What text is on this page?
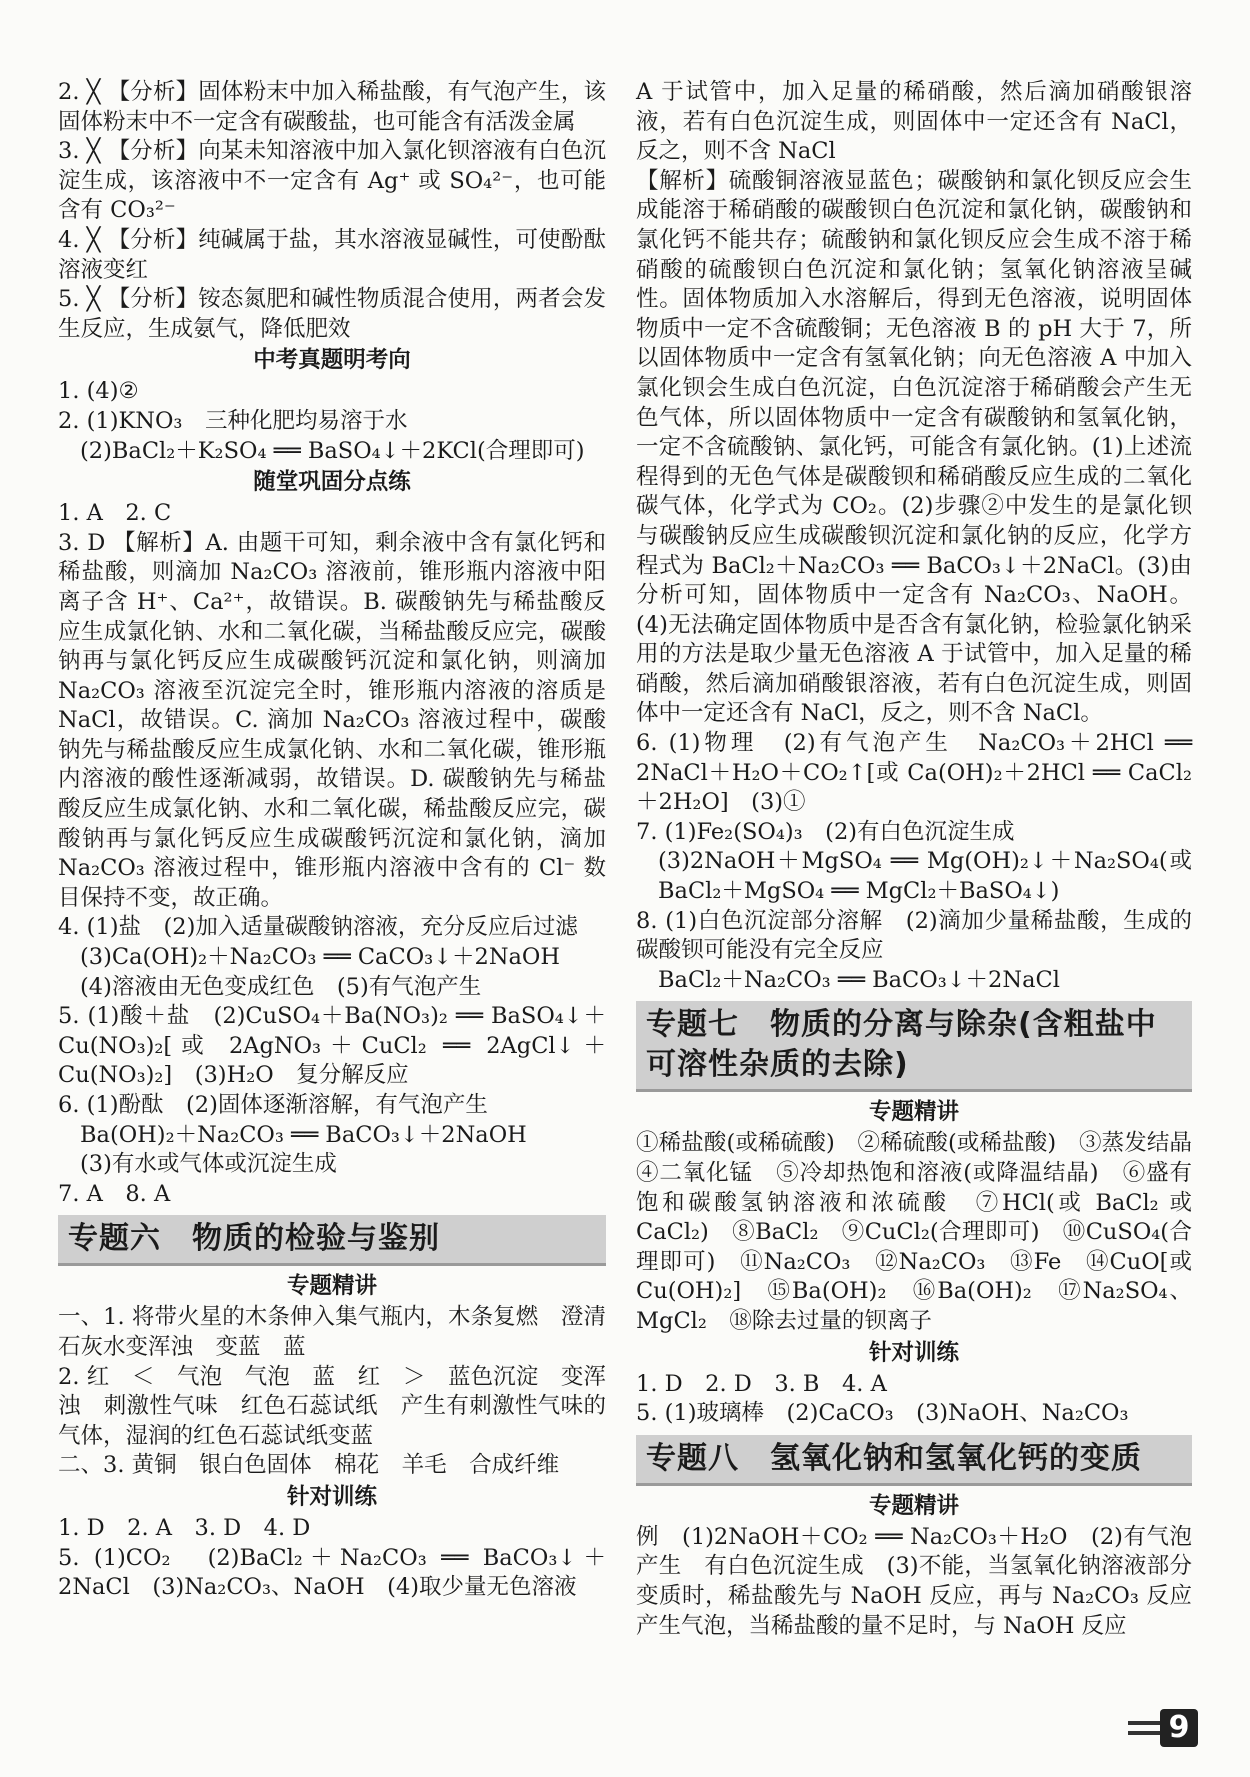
2. ╳ 【分析】固体粉末中加入稀盐酸，有气泡产生，该固体粉末中不一定含有碳酸盐，也可能含有活泼金属

3. ╳ 【分析】向某未知溶液中加入氯化钡溶液有白色沉淀生成，该溶液中不一定含有 Ag⁺ 或 SO₄²⁻，也可能含有 CO₃²⁻

4. ╳ 【分析】纯碱属于盐，其水溶液显碱性，可使酚酞溶液变红

5. ╳ 【分析】铵态氮肥和碱性物质混合使用，两者会发生反应，生成氨气，降低肥效

中考真题明考向

1. (4)②

2. (1)KNO₃　三种化肥均易溶于水

(2)BaCl₂＋K₂SO₄ ══ BaSO₄↓＋2KCl(合理即可)

随堂巩固分点练

1. A　2. C

3. D 【解析】A. 由题干可知，剩余液中含有氯化钙和稀盐酸，则滴加 Na₂CO₃ 溶液前，锥形瓶内溶液中阳离子含 H⁺、Ca²⁺，故错误。B. 碳酸钠先与稀盐酸反应生成氯化钠、水和二氧化碳，当稀盐酸反应完，碳酸钠再与氯化钙反应生成碳酸钙沉淀和氯化钠，则滴加 Na₂CO₃ 溶液至沉淀完全时，锥形瓶内溶液的溶质是 NaCl，故错误。C. 滴加 Na₂CO₃ 溶液过程中，碳酸钠先与稀盐酸反应生成氯化钠、水和二氧化碳，锥形瓶内溶液的酸性逐渐减弱，故错误。D. 碳酸钠先与稀盐酸反应生成氯化钠、水和二氧化碳，稀盐酸反应完，碳酸钠再与氯化钙反应生成碳酸钙沉淀和氯化钠，滴加 Na₂CO₃ 溶液过程中，锥形瓶内溶液中含有的 Cl⁻ 数目保持不变，故正确。

4. (1)盐　(2)加入适量碳酸钠溶液，充分反应后过滤

(3)Ca(OH)₂＋Na₂CO₃ ══ CaCO₃↓＋2NaOH

(4)溶液由无色变成红色　(5)有气泡产生

5. (1)酸＋盐　(2)CuSO₄＋Ba(NO₃)₂ ══ BaSO₄↓＋Cu(NO₃)₂[或 2AgNO₃＋CuCl₂ ══ 2AgCl↓＋Cu(NO₃)₂]　(3)H₂O　复分解反应

6. (1)酚酞　(2)固体逐渐溶解，有气泡产生

Ba(OH)₂＋Na₂CO₃ ══ BaCO₃↓＋2NaOH

(3)有水或气体或沉淀生成

7. A　8. A

专题六　物质的检验与鉴别

专题精讲

一、1. 将带火星的木条伸入集气瓶内，木条复燃　澄清石灰水变浑浊　变蓝　蓝

2. 红　＜　气泡　气泡　蓝　红　＞　蓝色沉淀　变浑浊　刺激性气味　红色石蕊试纸　产生有刺激性气味的气体，湿润的红色石蕊试纸变蓝

二、3. 黄铜　银白色固体　棉花　羊毛　合成纤维

针对训练

1. D　2. A　3. D　4. D

5. (1)CO₂　(2)BaCl₂＋Na₂CO₃ ══ BaCO₃↓＋2NaCl　(3)Na₂CO₃、NaOH　(4)取少量无色溶液

A 于试管中，加入足量的稀硝酸，然后滴加硝酸银溶液，若有白色沉淀生成，则固体中一定还含有 NaCl，反之，则不含 NaCl

【解析】硫酸铜溶液显蓝色；碳酸钠和氯化钡反应会生成能溶于稀硝酸的碳酸钡白色沉淀和氯化钠，碳酸钠和氯化钙不能共存；硫酸钠和氯化钡反应会生成不溶于稀硝酸的硫酸钡白色沉淀和氯化钠；氢氧化钠溶液呈碱性。固体物质加入水溶解后，得到无色溶液，说明固体物质中一定不含硫酸铜；无色溶液 B 的 pH 大于 7，所以固体物质中一定含有氢氧化钠；向无色溶液 A 中加入氯化钡会生成白色沉淀，白色沉淀溶于稀硝酸会产生无色气体，所以固体物质中一定含有碳酸钠和氢氧化钠，一定不含硫酸钠、氯化钙，可能含有氯化钠。(1)上述流程得到的无色气体是碳酸钡和稀硝酸反应生成的二氧化碳气体，化学式为 CO₂。(2)步骤②中发生的是氯化钡与碳酸钠反应生成碳酸钡沉淀和氯化钠的反应，化学方程式为 BaCl₂＋Na₂CO₃ ══ BaCO₃↓＋2NaCl。(3)由分析可知，固体物质中一定含有 Na₂CO₃、NaOH。(4)无法确定固体物质中是否含有氯化钠，检验氯化钠采用的方法是取少量无色溶液 A 于试管中，加入足量的稀硝酸，然后滴加硝酸银溶液，若有白色沉淀生成，则固体中一定还含有 NaCl，反之，则不含 NaCl。

6. (1)物理　(2)有气泡产生　Na₂CO₃＋2HCl ══ 2NaCl＋H₂O＋CO₂↑[或 Ca(OH)₂＋2HCl ══ CaCl₂＋2H₂O]　(3)①

7. (1)Fe₂(SO₄)₃　(2)有白色沉淀生成

(3)2NaOH＋MgSO₄ ══ Mg(OH)₂↓＋Na₂SO₄(或 BaCl₂＋MgSO₄ ══ MgCl₂＋BaSO₄↓)

8. (1)白色沉淀部分溶解　(2)滴加少量稀盐酸，生成的碳酸钡可能没有完全反应

BaCl₂＋Na₂CO₃ ══ BaCO₃↓＋2NaCl

专题七　物质的分离与除杂(含粗盐中可溶性杂质的去除)

专题精讲

①稀盐酸(或稀硫酸)　②稀硫酸(或稀盐酸)　③蒸发结晶　④二氧化锰　⑤冷却热饱和溶液(或降温结晶)　⑥盛有饱和碳酸氢钠溶液和浓硫酸　⑦HCl(或 BaCl₂ 或 CaCl₂)　⑧BaCl₂　⑨CuCl₂(合理即可)　⑩CuSO₄(合理即可)　⑪Na₂CO₃　⑫Na₂CO₃　⑬Fe　⑭CuO[或Cu(OH)₂]　⑮Ba(OH)₂　⑯Ba(OH)₂　⑰Na₂SO₄、MgCl₂　⑱除去过量的钡离子

针对训练

1. D　2. D　3. B　4. A

5. (1)玻璃棒　(2)CaCO₃　(3)NaOH、Na₂CO₃

专题八　氢氧化钠和氢氧化钙的变质

专题精讲

例　(1)2NaOH＋CO₂ ══ Na₂CO₃＋H₂O　(2)有气泡产生　有白色沉淀生成　(3)不能，当氢氧化钠溶液部分变质时，稀盐酸先与 NaOH 反应，再与 Na₂CO₃ 反应产生气泡，当稀盐酸的量不足时，与 NaOH 反应

9
